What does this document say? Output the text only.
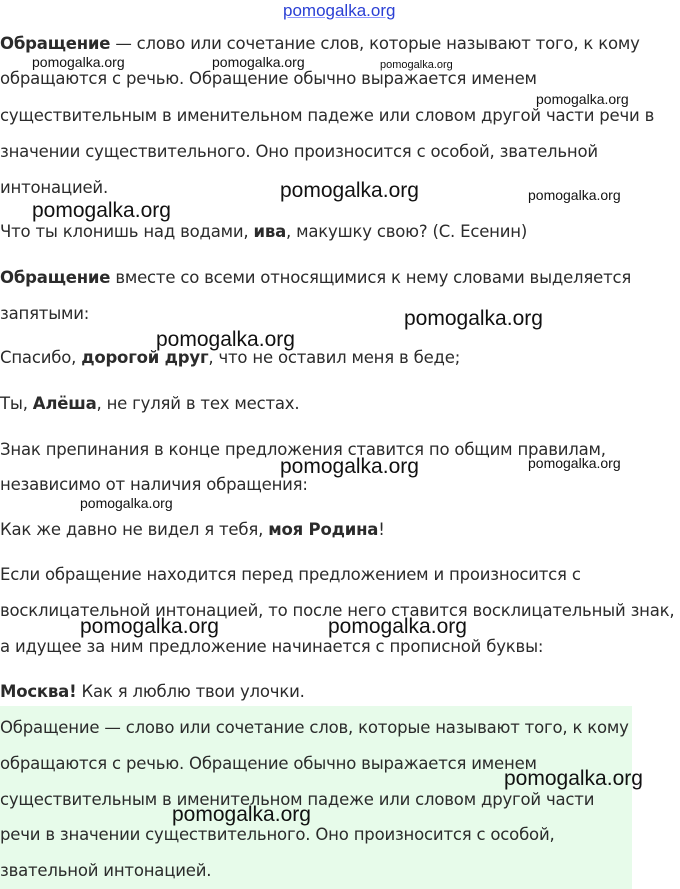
Обращение — слово или сочетание слов, которые называют того, к кому
обращаются с речью. Обращение обычно выражается именем
существительным в именительном падеже или словом другой части речи в
значении существительного. Оно произносится с особой, звательной
интонацией.
Что ты клонишь над водами, ива, макушку свою? (С. Есенин)
Обращение вместе со всеми относящимися к нему словами выделяется
запятыми:
Спасибо, дорогой друг, что не оставил меня в беде;
Ты, Алёша, не гуляй в тех местах.
Знак препинания в конце предложения ставится по общим правилам,
независимо от наличия обращения:
Как же давно не видел я тебя, моя Родина!
Если обращение находится перед предложением и произносится с
восклицательной интонацией, то после него ставится восклицательный знак,
а идущее за ним предложение начинается с прописной буквы:
Москва! Как я люблю твои улочки.
Обращение — слово или сочетание слов, которые называют того, к кому
обращаются с речью. Обращение обычно выражается именем
существительным в именительном падеже или словом другой части
речи в значении существительного. Оно произносится с особой,
звательной интонацией.
pomogalka.org
pomogalka.org	pomogalka.org	pomogalka.org
pomogalka.org
pomogalka.org	pomogalka.org
pomogalka.org
pomogalka.org
pomogalka.org
pomogalka.org	pomogalka.org
pomogalka.org
pomogalka.org	pomogalka.org
pomogalka.org
pomogalka.org
